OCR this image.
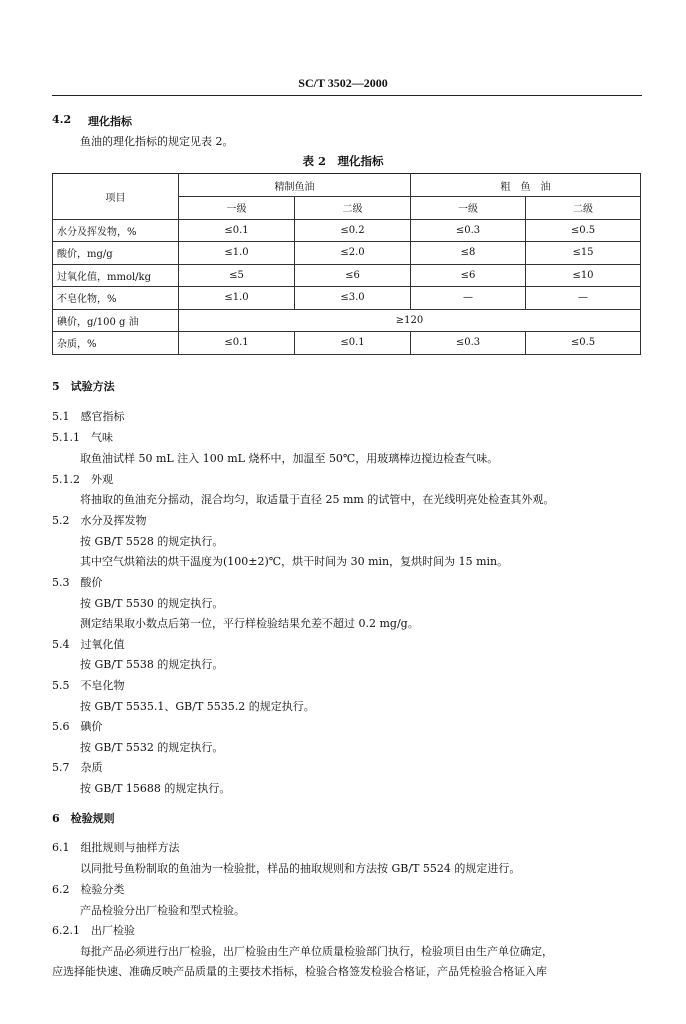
SC/T 3502—2000
4.2 理化指标
鱼油的理化指标的规定见表 2。
表 2　理化指标
项目	精制鱼油		粗　鱼　油	
	一级	二级	一级	二级
水分及挥发物，%	≤0.1	≤0.2	≤0.3	≤0.5
酸价，mg/g	≤1.0	≤2.0	≤8	≤15
过氧化值，mmol/kg	≤5	≤6	≤6	≤10
不皂化物，%	≤1.0	≤3.0	—	—
碘价，g/100 g 油	≥120			
杂质，%	≤0.1	≤0.1	≤0.3	≤0.5
5　试验方法
5.1　感官指标
5.1.1　气味
取鱼油试样 50 mL 注入 100 mL 烧杯中，加温至 50℃，用玻璃棒边搅边检查气味。
5.1.2　外观
将抽取的鱼油充分摇动，混合均匀，取适量于直径 25 mm 的试管中，在光线明亮处检查其外观。
5.2　水分及挥发物
按 GB/T 5528 的规定执行。
其中空气烘箱法的烘干温度为(100±2)℃，烘干时间为 30 min，复烘时间为 15 min。
5.3　酸价
按 GB/T 5530 的规定执行。
测定结果取小数点后第一位，平行样检验结果允差不超过 0.2 mg/g。
5.4　过氧化值
按 GB/T 5538 的规定执行。
5.5　不皂化物
按 GB/T 5535.1、GB/T 5535.2 的规定执行。
5.6　碘价
按 GB/T 5532 的规定执行。
5.7　杂质
按 GB/T 15688 的规定执行。
6　检验规则
6.1　组批规则与抽样方法
以同批号鱼粉制取的鱼油为一检验批，样品的抽取规则和方法按 GB/T 5524 的规定进行。
6.2　检验分类
产品检验分出厂检验和型式检验。
6.2.1　出厂检验
每批产品必须进行出厂检验，出厂检验由生产单位质量检验部门执行，检验项目由生产单位确定，
应选择能快速、准确反映产品质量的主要技术指标，检验合格签发检验合格证，产品凭检验合格证入库
